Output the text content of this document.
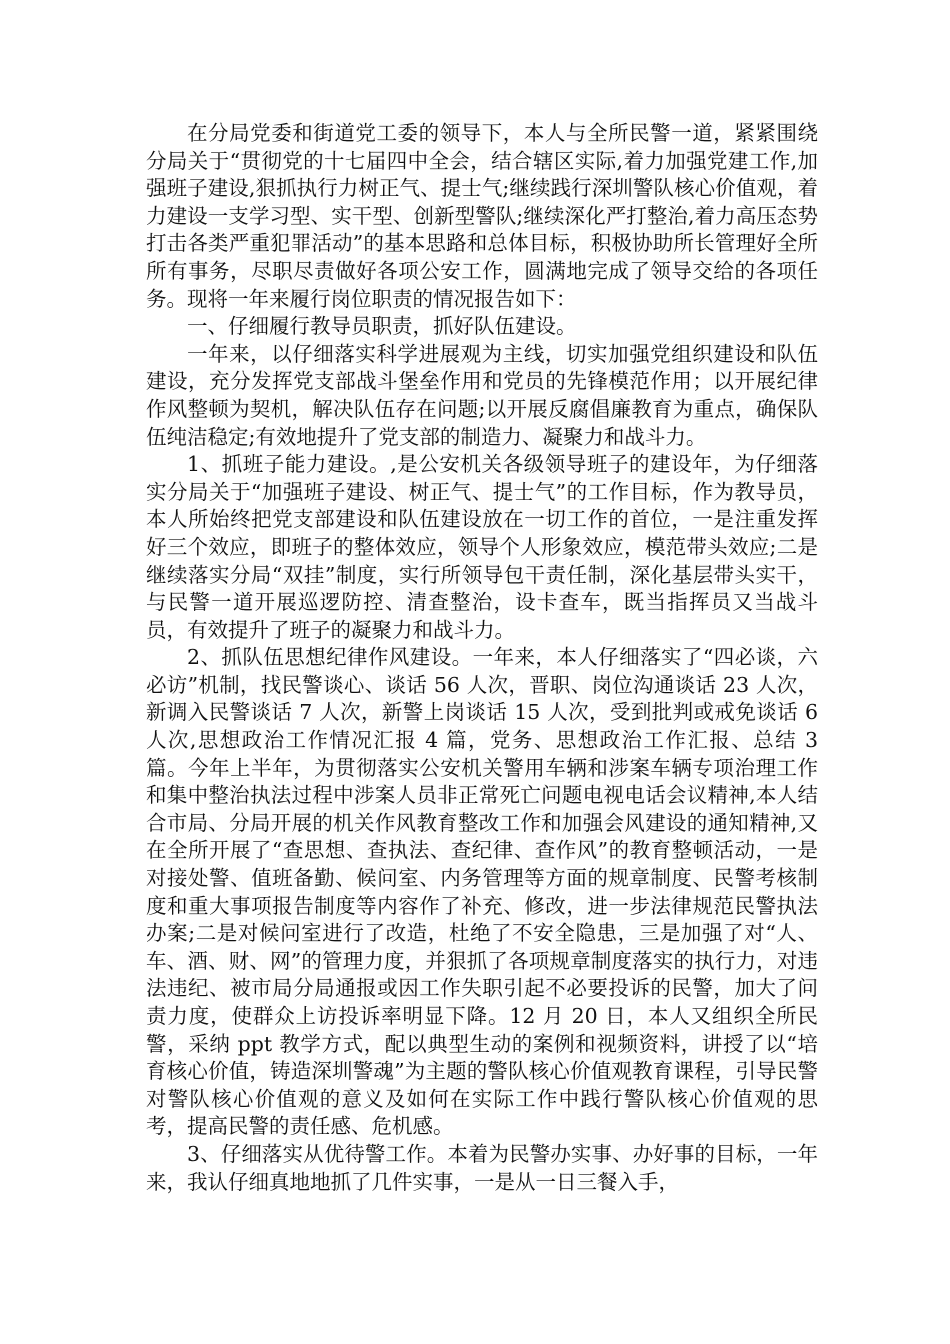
在分局党委和街道党工委的领导下，本人与全所民警一道，紧紧围绕分局关于“贯彻党的十七届四中全会，结合辖区实际,着力加强党建工作,加强班子建设,狠抓执行力树正气、提士气;继续践行深圳警队核心价值观，着力建设一支学习型、实干型、创新型警队;继续深化严打整治,着力高压态势打击各类严重犯罪活动”的基本思路和总体目标，积极协助所长管理好全所所有事务，尽职尽责做好各项公安工作，圆满地完成了领导交给的各项任务。现将一年来履行岗位职责的情况报告如下：

一、仔细履行教导员职责，抓好队伍建设。

一年来，以仔细落实科学进展观为主线，切实加强党组织建设和队伍建设，充分发挥党支部战斗堡垒作用和党员的先锋模范作用；以开展纪律作风整顿为契机，解决队伍存在问题;以开展反腐倡廉教育为重点，确保队伍纯洁稳定;有效地提升了党支部的制造力、凝聚力和战斗力。

1、抓班子能力建设。,是公安机关各级领导班子的建设年，为仔细落实分局关于“加强班子建设、树正气、提士气”的工作目标，作为教导员，本人所始终把党支部建设和队伍建设放在一切工作的首位，一是注重发挥好三个效应，即班子的整体效应，领导个人形象效应，模范带头效应;二是继续落实分局“双挂”制度，实行所领导包干责任制，深化基层带头实干，与民警一道开展巡逻防控、清查整治，设卡查车，既当指挥员又当战斗员，有效提升了班子的凝聚力和战斗力。

2、抓队伍思想纪律作风建设。一年来，本人仔细落实了“四必谈，六必访”机制，找民警谈心、谈话 56 人次，晋职、岗位沟通谈话 23 人次，新调入民警谈话 7 人次，新警上岗谈话 15 人次，受到批判或戒免谈话 6 人次,思想政治工作情况汇报 4 篇，党务、思想政治工作汇报、总结 3 篇。今年上半年，为贯彻落实公安机关警用车辆和涉案车辆专项治理工作和集中整治执法过程中涉案人员非正常死亡问题电视电话会议精神,本人结合市局、分局开展的机关作风教育整改工作和加强会风建设的通知精神,又在全所开展了“查思想、查执法、查纪律、查作风”的教育整顿活动，一是对接处警、值班备勤、候问室、内务管理等方面的规章制度、民警考核制度和重大事项报告制度等内容作了补充、修改，进一步法律规范民警执法办案;二是对候问室进行了改造，杜绝了不安全隐患，三是加强了对“人、车、酒、财、网”的管理力度，并狠抓了各项规章制度落实的执行力，对违法违纪、被市局分局通报或因工作失职引起不必要投诉的民警，加大了问责力度，使群众上访投诉率明显下降。12 月 20 日，本人又组织全所民警，采纳 ppt 教学方式，配以典型生动的案例和视频资料，讲授了以“培育核心价值，铸造深圳警魂”为主题的警队核心价值观教育课程，引导民警对警队核心价值观的意义及如何在实际工作中践行警队核心价值观的思考，提高民警的责任感、危机感。

3、仔细落实从优待警工作。本着为民警办实事、办好事的目标，一年来，我认仔细真地地抓了几件实事，一是从一日三餐入手，
